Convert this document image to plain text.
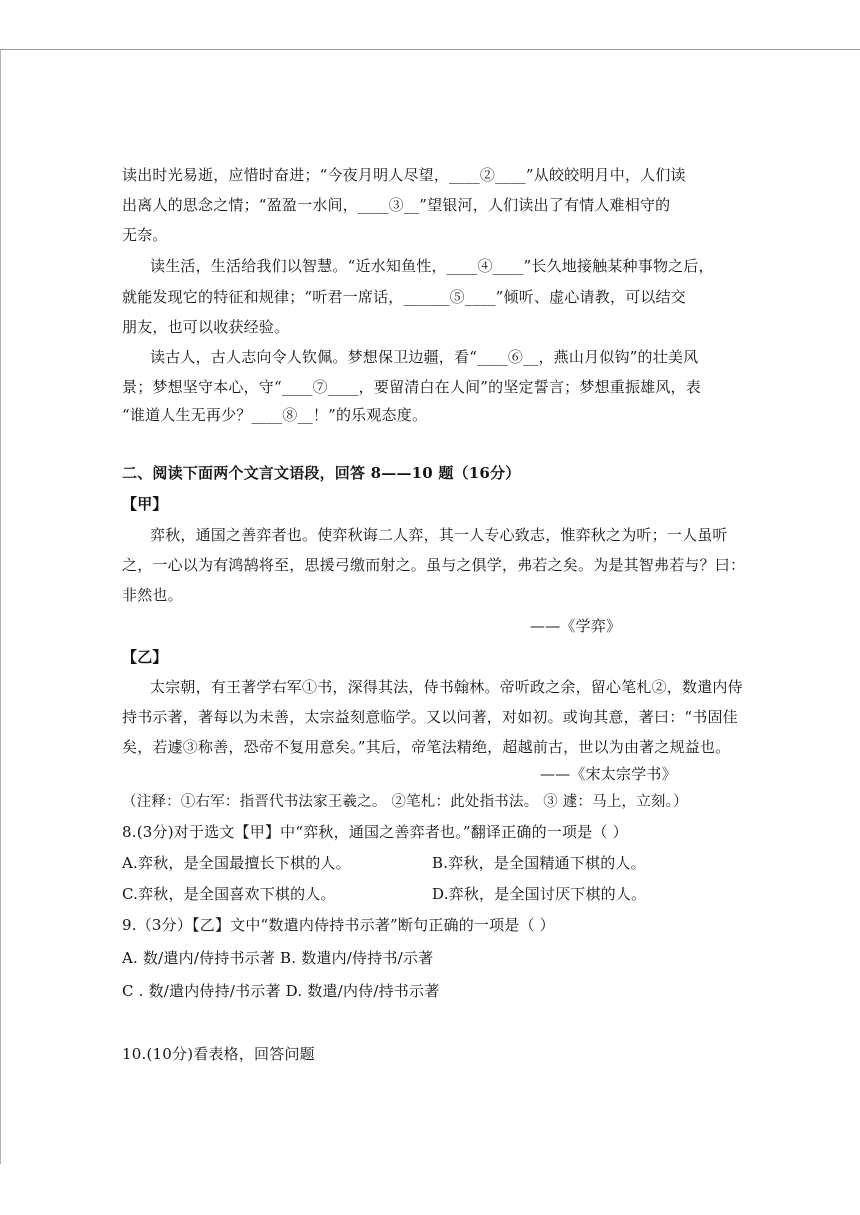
读出时光易逝，应惜时奋进；“今夜月明人尽望，____②____”从皎皎明月中，人们读
出离人的思念之情；“盈盈一水间，____③__”望银河，人们读出了有情人难相守的
无奈。
读生活，生活给我们以智慧。“近水知鱼性，____④____”长久地接触某种事物之后，
就能发现它的特征和规律；“听君一席话，______⑤____”倾听、虚心请教，可以结交
朋友，也可以收获经验。
读古人，古人志向令人钦佩。梦想保卫边疆，看“____⑥__，燕山月似钩”的壮美风
景；梦想坚守本心，守“____⑦____，要留清白在人间”的坚定誓言；梦想重振雄风，表
“谁道人生无再少？____⑧__！”的乐观态度。
二、阅读下面两个文言文语段，回答 8——10 题（16分）
【甲】
弈秋，通国之善弈者也。使弈秋诲二人弈，其一人专心致志，惟弈秋之为听；一人虽听
之，一心以为有鸿鹄将至，思援弓缴而射之。虽与之俱学，弗若之矣。为是其智弗若与？曰：
非然也。
——《学弈》
【乙】
太宗朝，有王著学右军①书，深得其法，侍书翰林。帝听政之余，留心笔札②，数遣内侍
持书示著，著每以为未善，太宗益刻意临学。又以问著，对如初。或询其意，著曰：“书固佳
矣，若遽③称善，恐帝不复用意矣。”其后，帝笔法精绝，超越前古，世以为由著之规益也。
——《宋太宗学书》
（注释：①右军：指晋代书法家王羲之。 ②笔札：此处指书法。 ③ 遽：马上，立刻。）
8.(3分)对于选文【甲】中“弈秋，通国之善弈者也。”翻译正确的一项是（ ）
A.弈秋，是全国最擅长下棋的人。	B.弈秋，是全国精通下棋的人。
C.弈秋，是全国喜欢下棋的人。	D.弈秋，是全国讨厌下棋的人。
9.（3分）【乙】文中“数遣内侍持书示著”断句正确的一项是（ ）
A. 数/遣内/侍持书示著 B. 数遣内/侍持书/示著
C . 数/遣内侍持/书示著 D. 数遣/内侍/持书示著
10.(10分)看表格，回答问题
